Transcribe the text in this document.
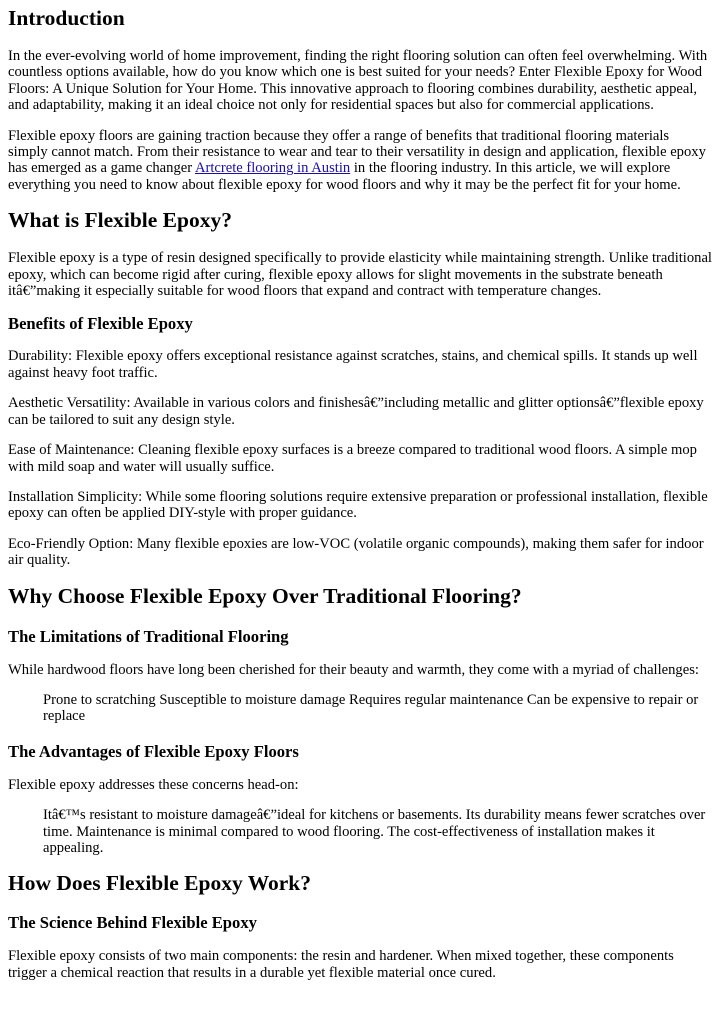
Introduction

In the ever-evolving world of home improvement, finding the right flooring solution can often feel overwhelming. With countless options available, how do you know which one is best suited for your needs? Enter Flexible Epoxy for Wood Floors: A Unique Solution for Your Home. This innovative approach to flooring combines durability, aesthetic appeal, and adaptability, making it an ideal choice not only for residential spaces but also for commercial applications.

Flexible epoxy floors are gaining traction because they offer a range of benefits that traditional flooring materials simply cannot match. From their resistance to wear and tear to their versatility in design and application, flexible epoxy has emerged as a game changer Artcrete flooring in Austin in the flooring industry. In this article, we will explore everything you need to know about flexible epoxy for wood floors and why it may be the perfect fit for your home.

What is Flexible Epoxy?

Flexible epoxy is a type of resin designed specifically to provide elasticity while maintaining strength. Unlike traditional epoxy, which can become rigid after curing, flexible epoxy allows for slight movements in the substrate beneath itâ€”making it especially suitable for wood floors that expand and contract with temperature changes.

Benefits of Flexible Epoxy

Durability: Flexible epoxy offers exceptional resistance against scratches, stains, and chemical spills. It stands up well against heavy foot traffic.

Aesthetic Versatility: Available in various colors and finishesâ€”including metallic and glitter optionsâ€”flexible epoxy can be tailored to suit any design style.

Ease of Maintenance: Cleaning flexible epoxy surfaces is a breeze compared to traditional wood floors. A simple mop with mild soap and water will usually suffice.

Installation Simplicity: While some flooring solutions require extensive preparation or professional installation, flexible epoxy can often be applied DIY-style with proper guidance.

Eco-Friendly Option: Many flexible epoxies are low-VOC (volatile organic compounds), making them safer for indoor air quality.

Why Choose Flexible Epoxy Over Traditional Flooring?
The Limitations of Traditional Flooring

While hardwood floors have long been cherished for their beauty and warmth, they come with a myriad of challenges:

Prone to scratching Susceptible to moisture damage Requires regular maintenance Can be expensive to repair or replace

The Advantages of Flexible Epoxy Floors

Flexible epoxy addresses these concerns head-on:

Itâ€™s resistant to moisture damageâ€”ideal for kitchens or basements. Its durability means fewer scratches over time. Maintenance is minimal compared to wood flooring. The cost-effectiveness of installation makes it appealing.

How Does Flexible Epoxy Work?
The Science Behind Flexible Epoxy

Flexible epoxy consists of two main components: the resin and hardener. When mixed together, these components trigger a chemical reaction that results in a durable yet flexible material once cured.
